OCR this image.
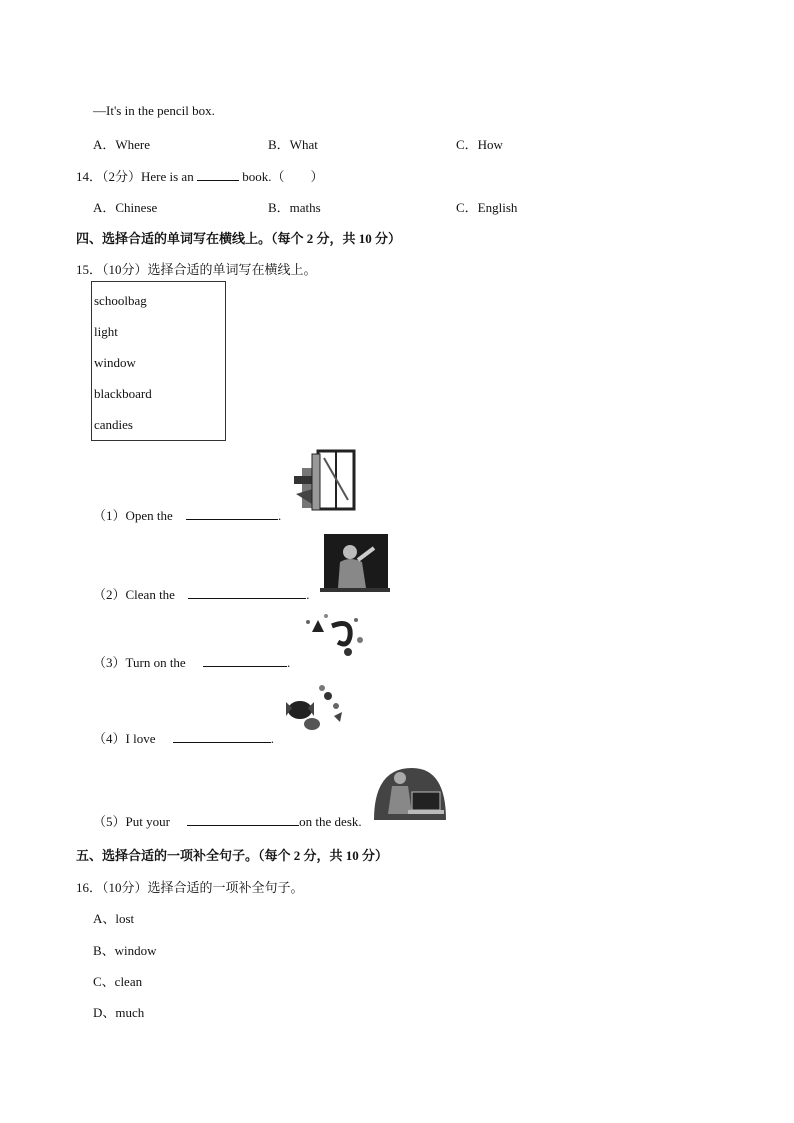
—It's in the pencil box.
A．Where	B．What	C．How
14．（2分）Here is an	book.（　　）
A．Chinese	B．maths	C．English
四、选择合适的单词写在横线上。（每个 2 分，共 10 分）
15．（10分）选择合适的单词写在横线上。
schoolbag
light
window
blackboard
candies
（1）Open the	.
（2）Clean the	.
（3）Turn on the	.
（4）I love	.
（5）Put your	on the desk.
五、选择合适的一项补全句子。（每个 2 分，共 10 分）
16．（10分）选择合适的一项补全句子。
A、lost
B、window
C、clean
D、much
